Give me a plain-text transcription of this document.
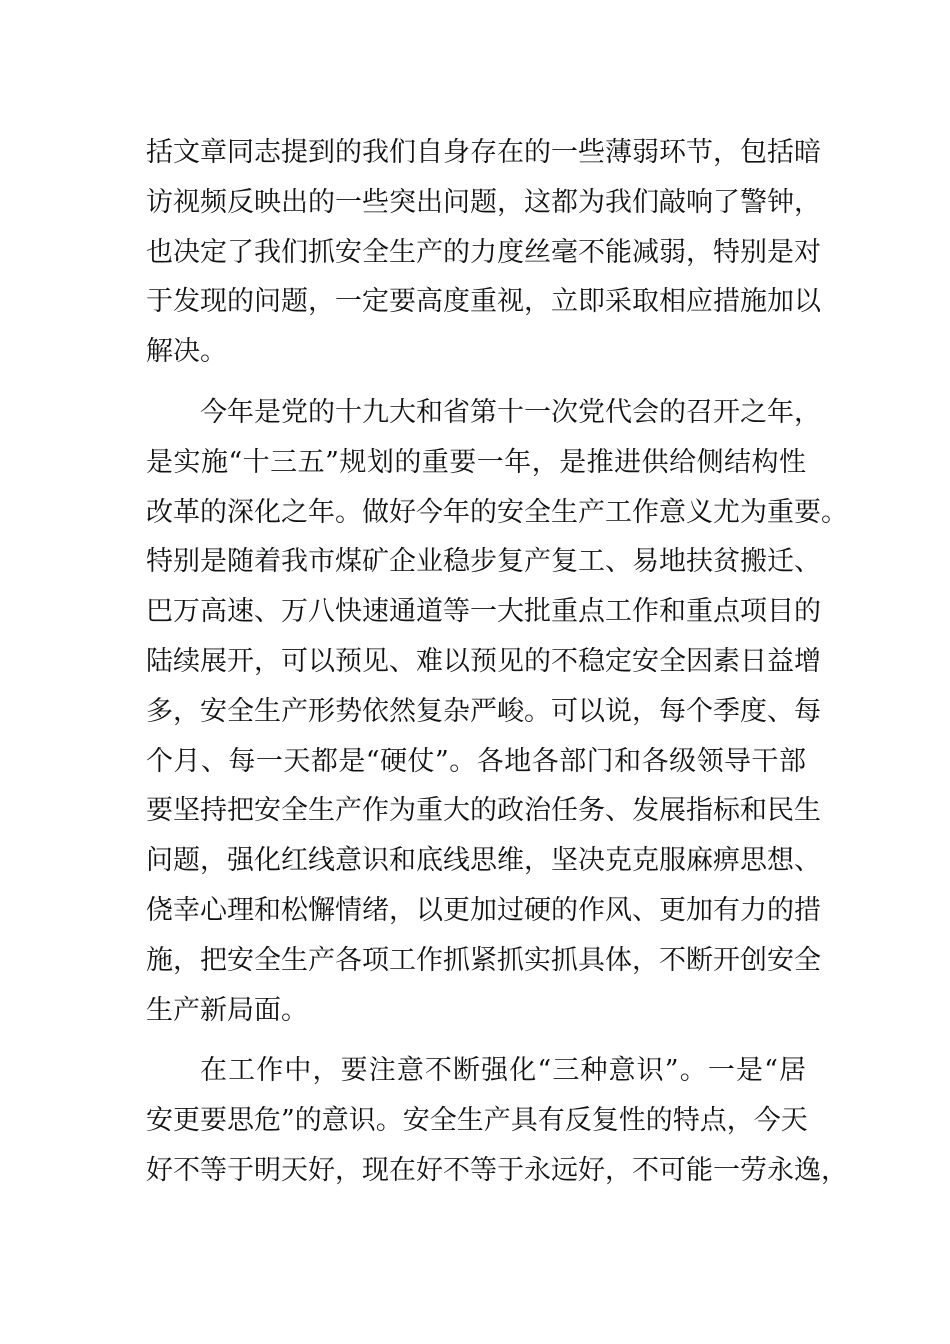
括文章同志提到的我们自身存在的一些薄弱环节，包括暗
访视频反映出的一些突出问题，这都为我们敲响了警钟，
也决定了我们抓安全生产的力度丝毫不能减弱，特别是对
于发现的问题，一定要高度重视，立即采取相应措施加以
解决。
今年是党的十九大和省第十一次党代会的召开之年，
是实施“十三五”规划的重要一年，是推进供给侧结构性
改革的深化之年。做好今年的安全生产工作意义尤为重要。
特别是随着我市煤矿企业稳步复产复工、易地扶贫搬迁、
巴万高速、万八快速通道等一大批重点工作和重点项目的
陆续展开，可以预见、难以预见的不稳定安全因素日益增
多，安全生产形势依然复杂严峻。可以说，每个季度、每
个月、每一天都是“硬仗”。各地各部门和各级领导干部
要坚持把安全生产作为重大的政治任务、发展指标和民生
问题，强化红线意识和底线思维，坚决克克服麻痹思想、
侥幸心理和松懈情绪，以更加过硬的作风、更加有力的措
施，把安全生产各项工作抓紧抓实抓具体，不断开创安全
生产新局面。
在工作中，要注意不断强化“三种意识”。一是“居
安更要思危”的意识。安全生产具有反复性的特点，今天
好不等于明天好，现在好不等于永远好，不可能一劳永逸，
